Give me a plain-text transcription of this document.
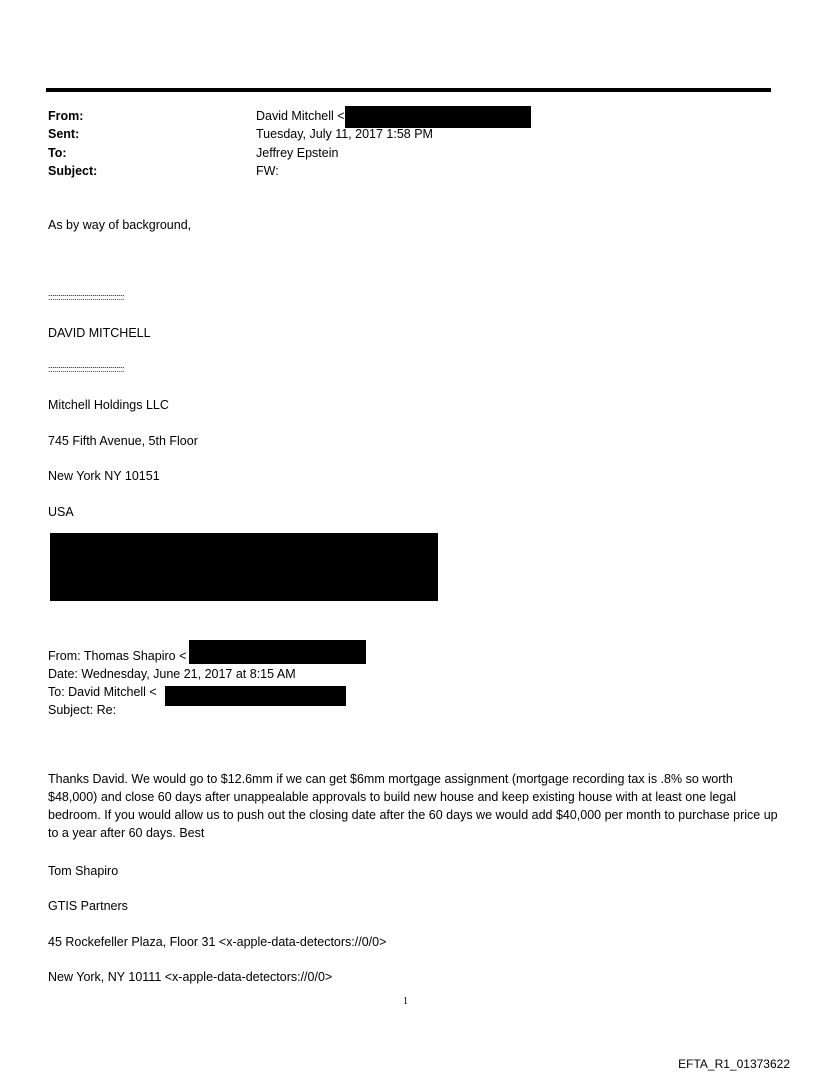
From:	David Mitchell <
Sent:	Tuesday, July 11, 2017 1:58 PM
To:	Jeffrey Epstein
Subject:	FW:
As by way of background,
::::::::::::::::::::::::::::::::::::::
DAVID MITCHELL
::::::::::::::::::::::::::::::::::::::
Mitchell Holdings LLC
745 Fifth Avenue, 5th Floor
New York NY 10151
USA
From: Thomas Shapiro <
Date: Wednesday, June 21, 2017 at 8:15 AM
To: David Mitchell <
Subject: Re:
Thanks David. We would go to $12.6mm if we can get $6mm mortgage assignment (mortgage recording tax is .8% so worth $48,000) and close 60 days after unappealable approvals to build new house and keep existing house with at least one legal bedroom. If you would allow us to push out the closing date after the 60 days we would add $40,000 per month to purchase price up to a year after 60 days. Best
Tom Shapiro
GTIS Partners
45 Rockefeller Plaza, Floor 31 <x-apple-data-detectors://0/0>
New York, NY 10111 <x-apple-data-detectors://0/0>
1
EFTA_R1_01373622
